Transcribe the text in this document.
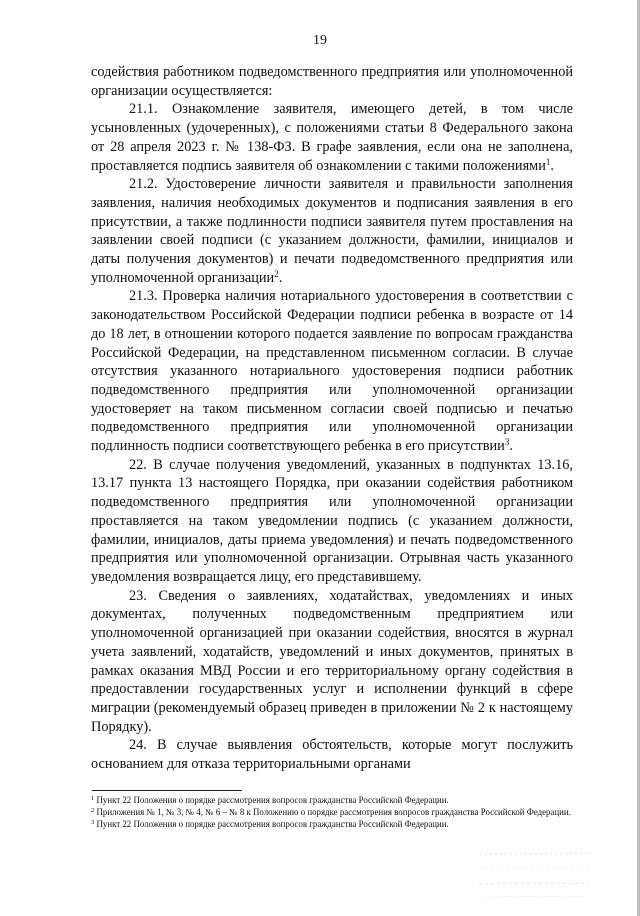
19

содействия работником подведомственного предприятия или уполномоченной организации осуществляется:

21.1. Ознакомление заявителя, имеющего детей, в том числе усыновленных (удочеренных), с положениями статьи 8 Федерального закона от 28 апреля 2023 г. № 138-ФЗ. В графе заявления, если она не заполнена, проставляется подпись заявителя об ознакомлении с такими положениями$^1$.

21.2. Удостоверение личности заявителя и правильности заполнения заявления, наличия необходимых документов и подписания заявления в его присутствии, а также подлинности подписи заявителя путем проставления на заявлении своей подписи (с указанием должности, фамилии, инициалов и даты получения документов) и печати подведомственного предприятия или уполномоченной организации$^2$.

21.3. Проверка наличия нотариального удостоверения в соответствии с законодательством Российской Федерации подписи ребенка в возрасте от 14 до 18 лет, в отношении которого подается заявление по вопросам гражданства Российской Федерации, на представленном письменном согласии. В случае отсутствия указанного нотариального удостоверения подписи работник подведомственного предприятия или уполномоченной организации удостоверяет на таком письменном согласии своей подписью и печатью подведомственного предприятия или уполномоченной организации подлинность подписи соответствующего ребенка в его присутствии$^3$.

22. В случае получения уведомлений, указанных в подпунктах 13.16, 13.17 пункта 13 настоящего Порядка, при оказании содействия работником подведомственного предприятия или уполномоченной организации проставляется на таком уведомлении подпись (с указанием должности, фамилии, инициалов, даты приема уведомления) и печать подведомственного предприятия или уполномоченной организации. Отрывная часть указанного уведомления возвращается лицу, его представившему.

23. Сведения о заявлениях, ходатайствах, уведомлениях и иных документах, полученных подведомственным предприятием или уполномоченной организацией при оказании содействия, вносятся в журнал учета заявлений, ходатайств, уведомлений и иных документов, принятых в рамках оказания МВД России и его территориальному органу содействия в предоставлении государственных услуг и исполнении функций в сфере миграции (рекомендуемый образец приведен в приложении № 2 к настоящему Порядку).

24. В случае выявления обстоятельств, которые могут послужить основанием для отказа территориальными органами

$^1$ Пункт 22 Положения о порядке рассмотрения вопросов гражданства Российской Федерации.

$^2$ Приложения № 1, № 3, № 4, № 6 – № 8 к Положению о порядке рассмотрения вопросов гражданства Российской Федерации.

$^3$ Пункт 22 Положения о порядке рассмотрения вопросов гражданства Российской Федерации.
